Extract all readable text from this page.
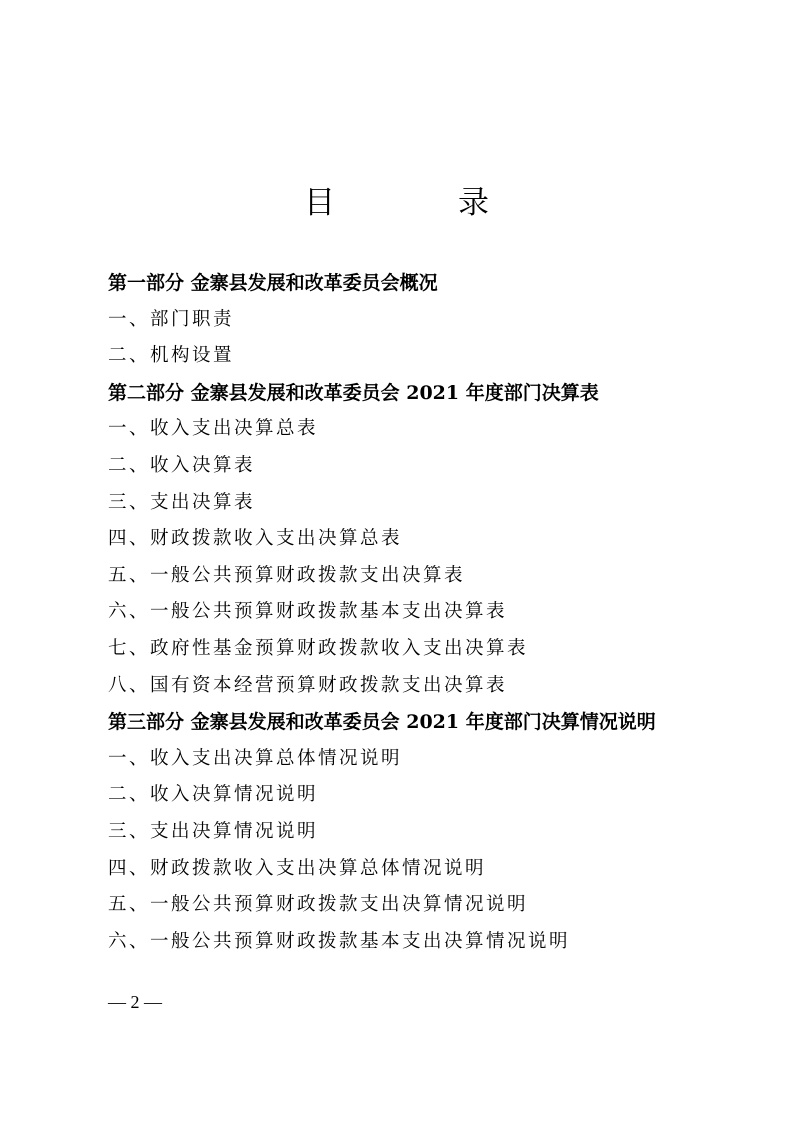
目　录
第一部分 金寨县发展和改革委员会概况
一、部门职责
二、机构设置
第二部分 金寨县发展和改革委员会 2021 年度部门决算表
一、收入支出决算总表
二、收入决算表
三、支出决算表
四、财政拨款收入支出决算总表
五、一般公共预算财政拨款支出决算表
六、一般公共预算财政拨款基本支出决算表
七、政府性基金预算财政拨款收入支出决算表
八、国有资本经营预算财政拨款支出决算表
第三部分 金寨县发展和改革委员会 2021 年度部门决算情况说明
一、收入支出决算总体情况说明
二、收入决算情况说明
三、支出决算情况说明
四、财政拨款收入支出决算总体情况说明
五、一般公共预算财政拨款支出决算情况说明
六、一般公共预算财政拨款基本支出决算情况说明
— 2 —
